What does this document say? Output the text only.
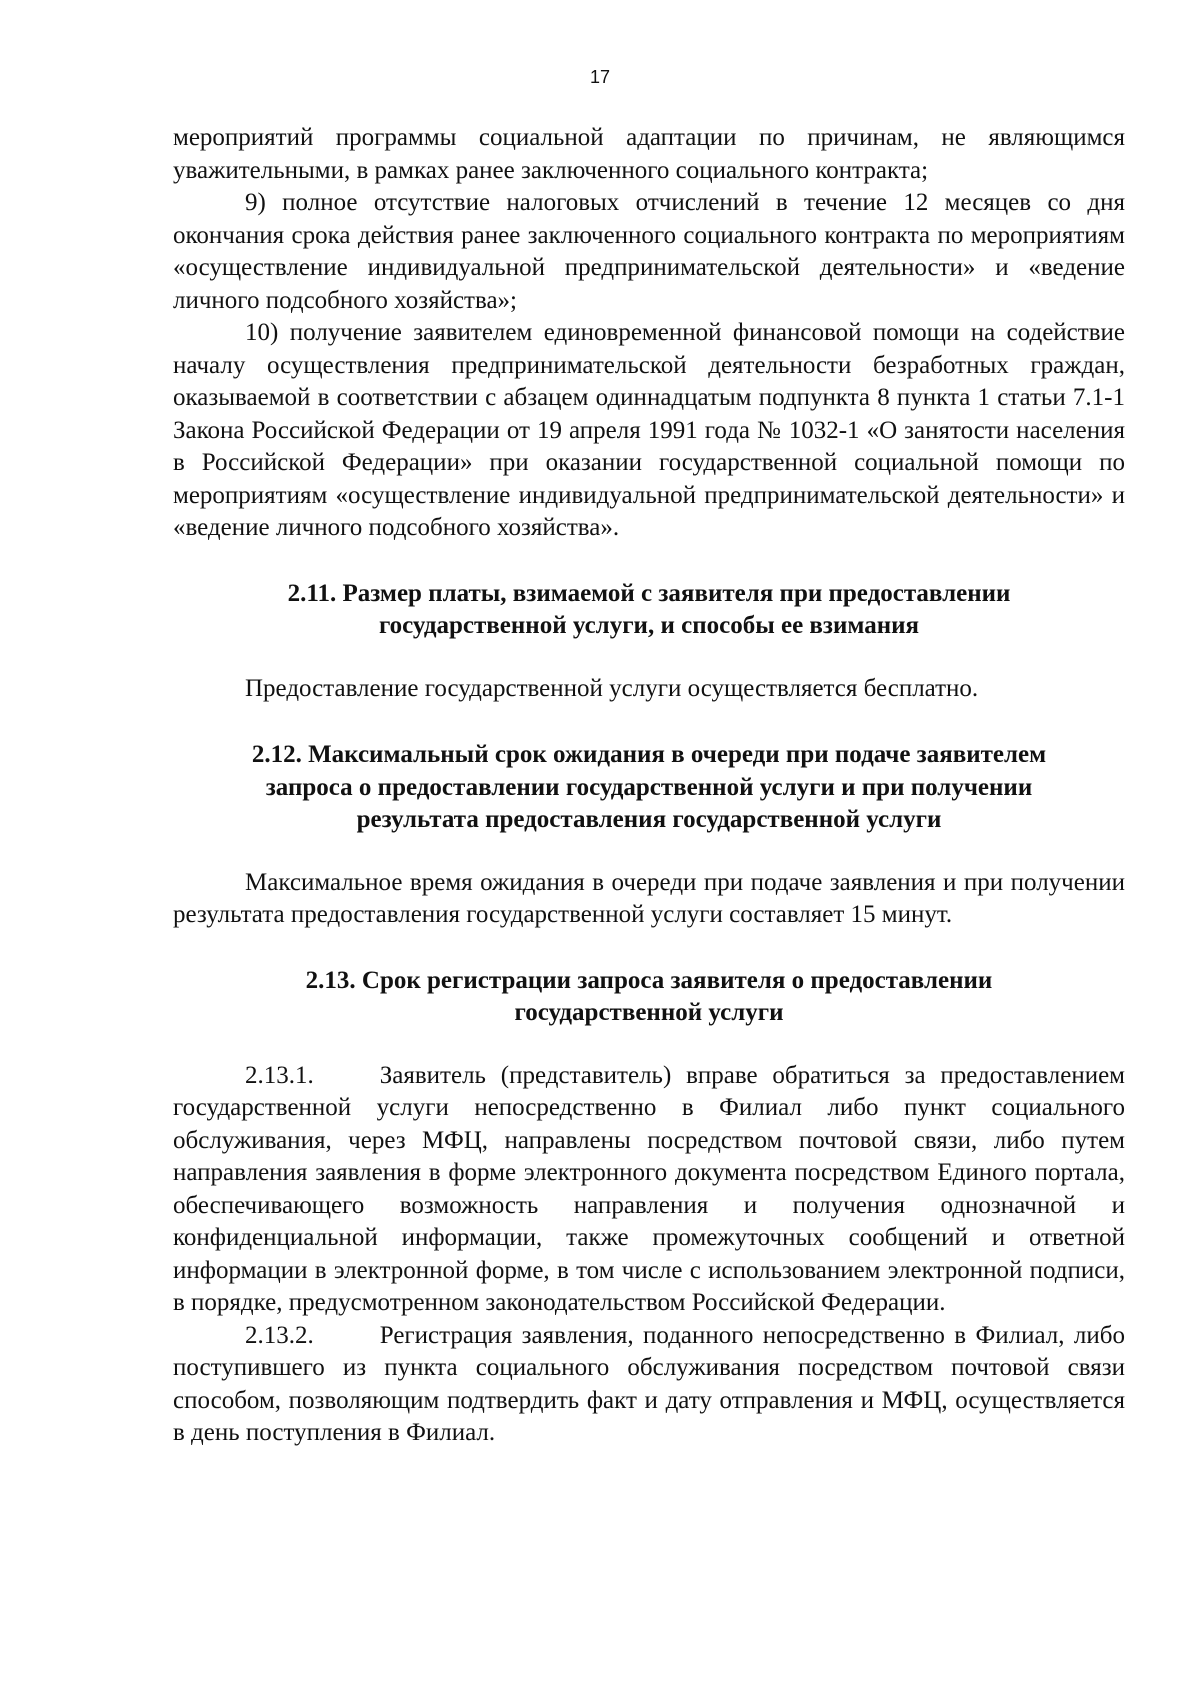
17

мероприятий программы социальной адаптации по причинам, не являющимся уважительными, в рамках ранее заключенного социального контракта;

9) полное отсутствие налоговых отчислений в течение 12 месяцев со дня окончания срока действия ранее заключенного социального контракта по мероприятиям «осуществление индивидуальной предпринимательской деятельности» и «ведение личного подсобного хозяйства»;

10) получение заявителем единовременной финансовой помощи на содействие началу осуществления предпринимательской деятельности безработных граждан, оказываемой в соответствии с абзацем одиннадцатым подпункта 8 пункта 1 статьи 7.1-1 Закона Российской Федерации от 19 апреля 1991 года № 1032-1 «О занятости населения в Российской Федерации» при оказании государственной социальной помощи по мероприятиям «осуществление индивидуальной предпринимательской деятельности» и «ведение личного подсобного хозяйства».

2.11. Размер платы, взимаемой с заявителя при предоставлении
государственной услуги, и способы ее взимания

Предоставление государственной услуги осуществляется бесплатно.

2.12. Максимальный срок ожидания в очереди при подаче заявителем
запроса о предоставлении государственной услуги и при получении
результата предоставления государственной услуги

Максимальное время ожидания в очереди при подаче заявления и при получении результата предоставления государственной услуги составляет 15 минут.

2.13. Срок регистрации запроса заявителя о предоставлении
государственной услуги

2.13.1.	Заявитель (представитель) вправе обратиться за предоставлением государственной услуги непосредственно в Филиал либо пункт социального обслуживания, через МФЦ, направлены посредством почтовой связи, либо путем направления заявления в форме электронного документа посредством Единого портала, обеспечивающего возможность направления и получения однозначной и конфиденциальной информации, также промежуточных сообщений и ответной информации в электронной форме, в том числе с использованием электронной подписи, в порядке, предусмотренном законодательством Российской Федерации.

2.13.2.	Регистрация заявления, поданного непосредственно в Филиал, либо поступившего из пункта социального обслуживания посредством почтовой связи способом, позволяющим подтвердить факт и дату отправления и МФЦ, осуществляется в день поступления в Филиал.
